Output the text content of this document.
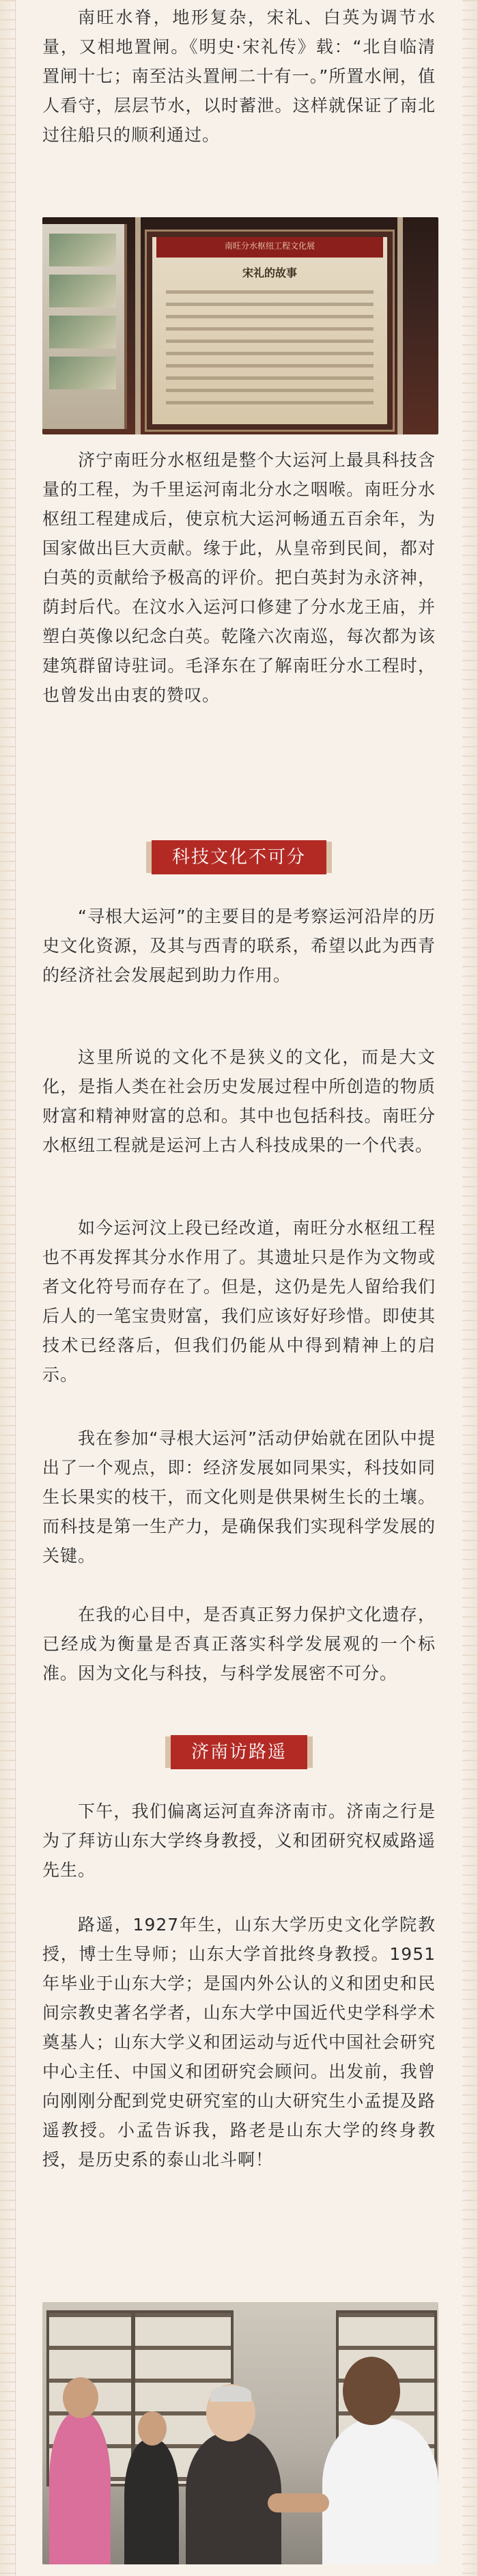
南旺水脊，地形复杂，宋礼、白英为调节水量，又相地置闸。《明史·宋礼传》载：“北自临清置闸十七；南至沽头置闸二十有一。”所置水闸，值人看守，层层节水，以时蓄泄。这样就保证了南北过往船只的顺利通过。

南旺分水枢纽工程文化展
宋礼的故事

济宁南旺分水枢纽是整个大运河上最具科技含量的工程，为千里运河南北分水之咽喉。南旺分水枢纽工程建成后，使京杭大运河畅通五百余年，为国家做出巨大贡献。缘于此，从皇帝到民间，都对白英的贡献给予极高的评价。把白英封为永济神，荫封后代。在汶水入运河口修建了分水龙王庙，并塑白英像以纪念白英。乾隆六次南巡，每次都为该建筑群留诗驻词。毛泽东在了解南旺分水工程时，也曾发出由衷的赞叹。

科技文化不可分

“寻根大运河”的主要目的是考察运河沿岸的历史文化资源，及其与西青的联系，希望以此为西青的经济社会发展起到助力作用。

这里所说的文化不是狭义的文化，而是大文化，是指人类在社会历史发展过程中所创造的物质财富和精神财富的总和。其中也包括科技。南旺分水枢纽工程就是运河上古人科技成果的一个代表。

如今运河汶上段已经改道，南旺分水枢纽工程也不再发挥其分水作用了。其遗址只是作为文物或者文化符号而存在了。但是，这仍是先人留给我们后人的一笔宝贵财富，我们应该好好珍惜。即使其技术已经落后，但我们仍能从中得到精神上的启示。

我在参加“寻根大运河”活动伊始就在团队中提出了一个观点，即：经济发展如同果实，科技如同生长果实的枝干，而文化则是供果树生长的土壤。而科技是第一生产力，是确保我们实现科学发展的关键。

在我的心目中，是否真正努力保护文化遗存，已经成为衡量是否真正落实科学发展观的一个标准。因为文化与科技，与科学发展密不可分。

济南访路遥

下午，我们偏离运河直奔济南市。济南之行是为了拜访山东大学终身教授，义和团研究权威路遥先生。

路遥，1927年生，山东大学历史文化学院教授，博士生导师；山东大学首批终身教授。1951年毕业于山东大学；是国内外公认的义和团史和民间宗教史著名学者，山东大学中国近代史学科学术奠基人；山东大学义和团运动与近代中国社会研究中心主任、中国义和团研究会顾问。出发前，我曾向刚刚分配到党史研究室的山大研究生小孟提及路遥教授。小孟告诉我，路老是山东大学的终身教授，是历史系的泰山北斗啊！
